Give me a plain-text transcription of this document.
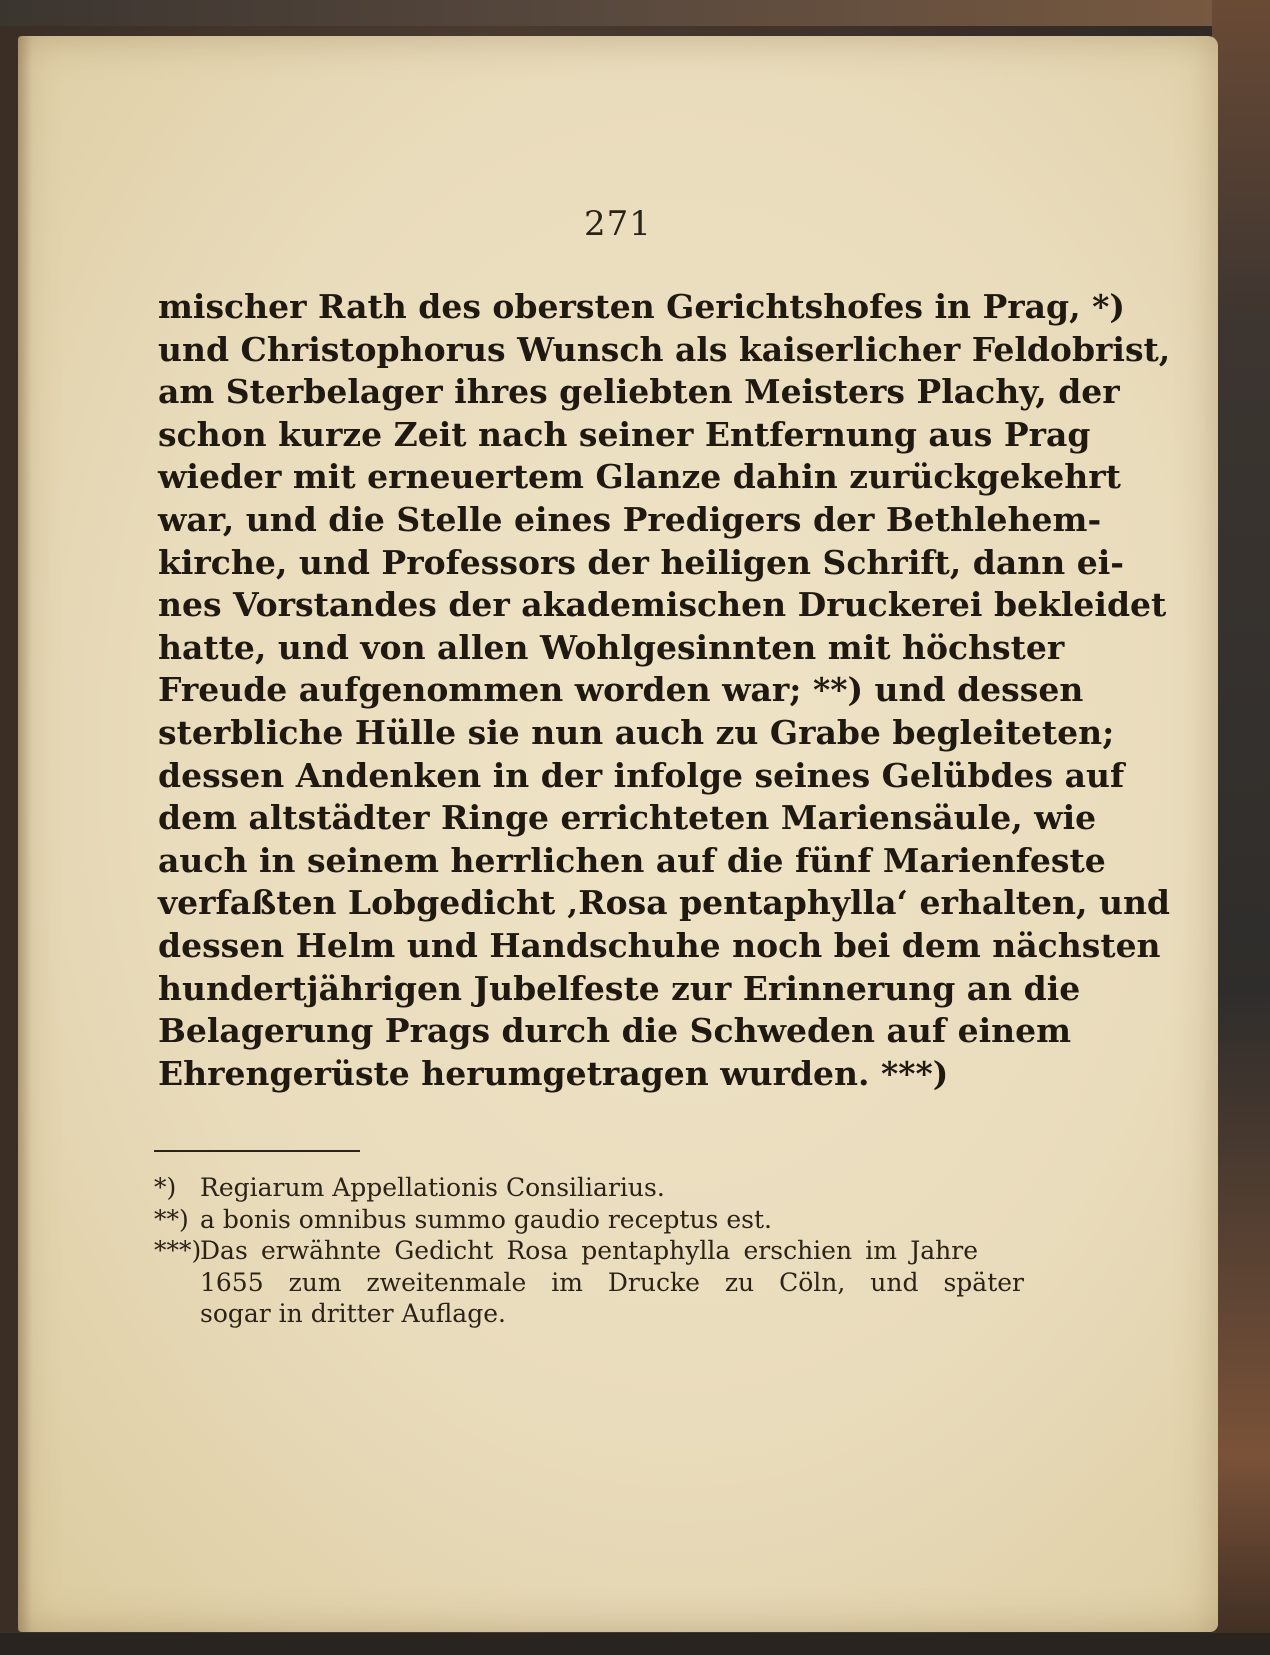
271
mischer Rath des obersten Gerichtshofes in Prag, *)
und Christophorus Wunsch als kaiserlicher Feldobrist,
am Sterbelager ihres geliebten Meisters Plachy, der
schon kurze Zeit nach seiner Entfernung aus Prag
wieder mit erneuertem Glanze dahin zurückgekehrt
war, und die Stelle eines Predigers der Bethlehem-
kirche, und Professors der heiligen Schrift, dann ei-
nes Vorstandes der akademischen Druckerei bekleidet
hatte, und von allen Wohlgesinnten mit höchster
Freude aufgenommen worden war; **) und dessen
sterbliche Hülle sie nun auch zu Grabe begleiteten;
dessen Andenken in der infolge seines Gelübdes auf
dem altstädter Ringe errichteten Mariensäule, wie
auch in seinem herrlichen auf die fünf Marienfeste
verfaßten Lobgedicht ‚Rosa pentaphylla‘ erhalten, und
dessen Helm und Handschuhe noch bei dem nächsten
hundertjährigen Jubelfeste zur Erinnerung an die
Belagerung Prags durch die Schweden auf einem
Ehrengerüste herumgetragen wurden. ***)
*) Regiarum Appellationis Consiliarius.
**) a bonis omnibus summo gaudio receptus est.
***)Das erwähnte Gedicht Rosa pentaphylla erschien im Jahre
1655 zum zweitenmale im Drucke zu Cöln, und später
sogar in dritter Auflage.
